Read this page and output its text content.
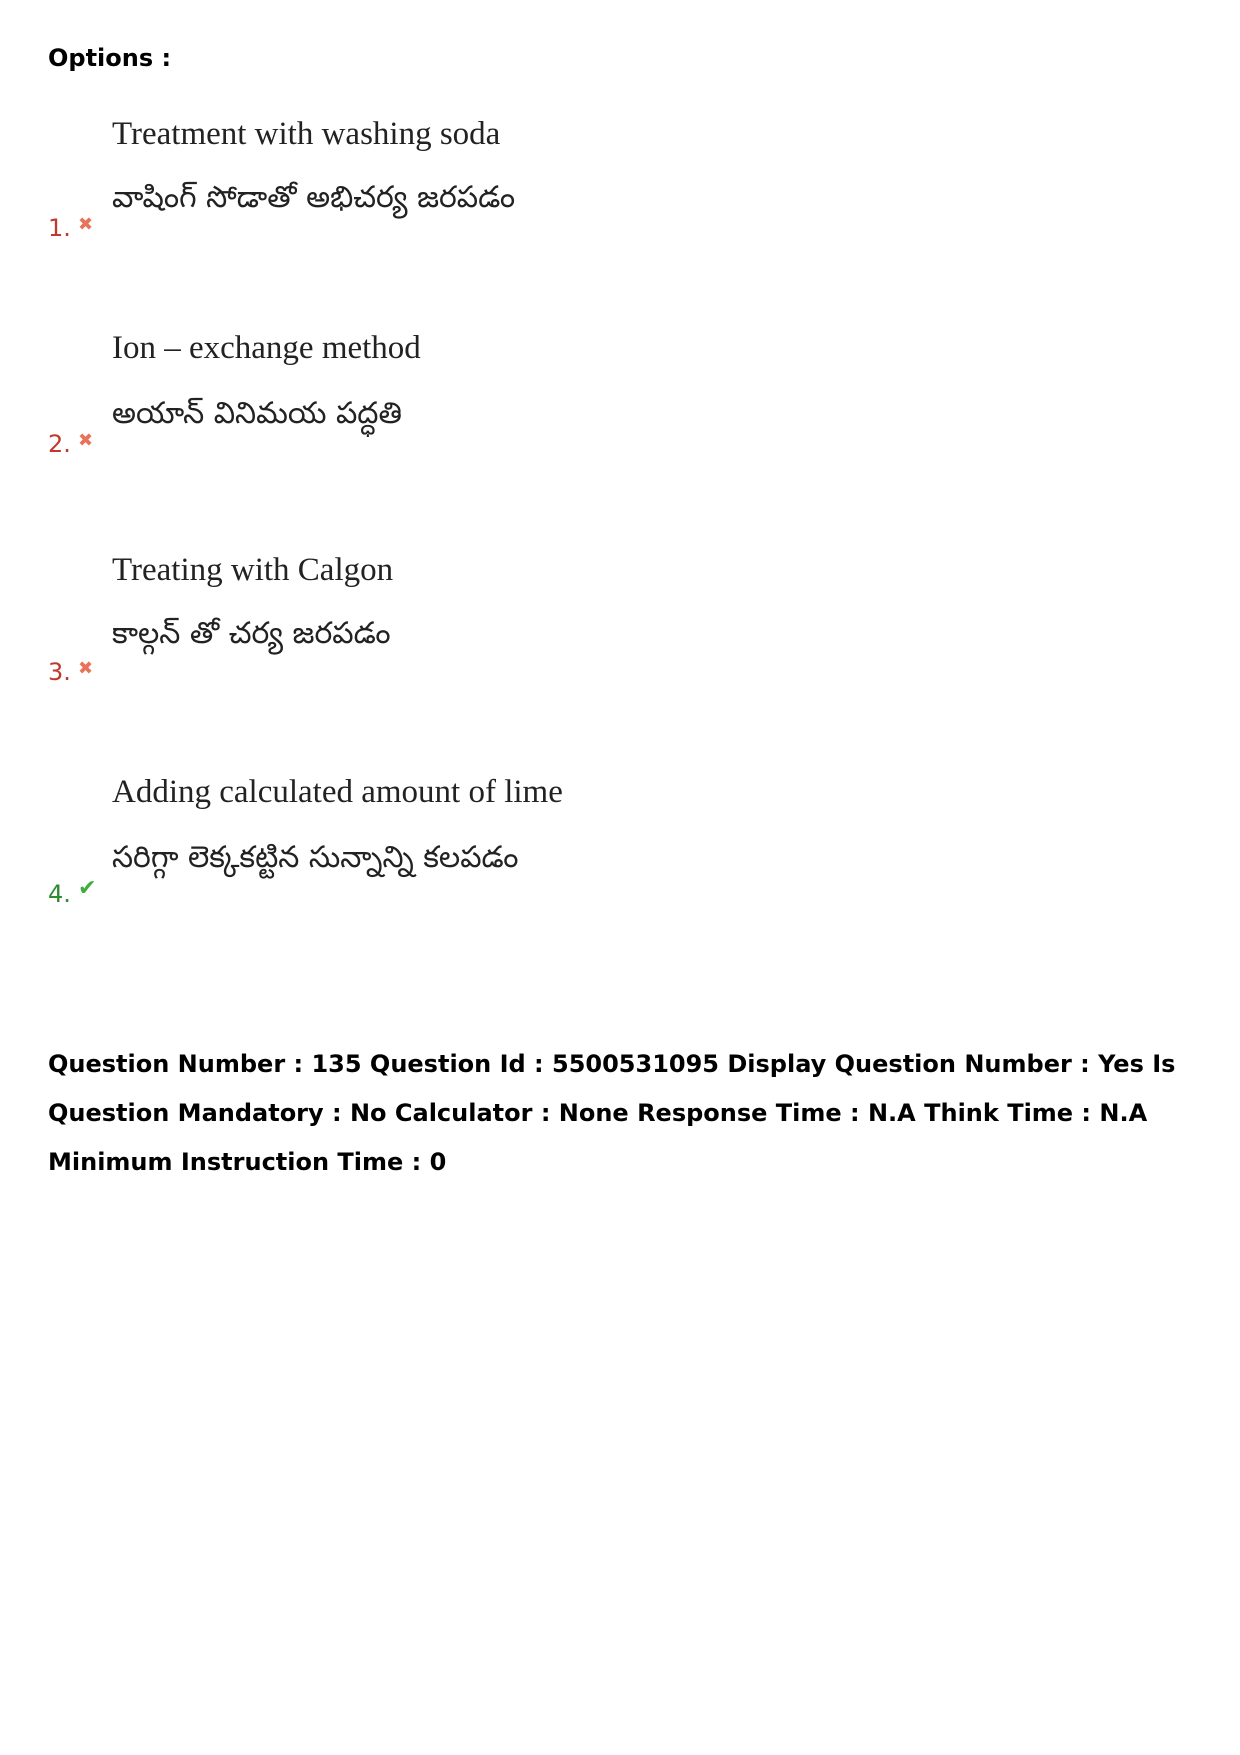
Options :
Treatment with washing soda
వాషింగ్ సోడాతో అభిచర్య జరపడం
1. ✖
Ion – exchange method
అయాన్ వినిమయ పద్ధతి
2. ✖
Treating with Calgon
కాల్గన్ తో చర్య జరపడం
3. ✖
Adding calculated amount of lime
సరిగ్గా లెక్కకట్టిన సున్నాన్ని కలపడం
4. ✔

Question Number : 135 Question Id : 5500531095 Display Question Number : Yes Is Question Mandatory : No Calculator : None Response Time : N.A Think Time : N.A Minimum Instruction Time : 0
